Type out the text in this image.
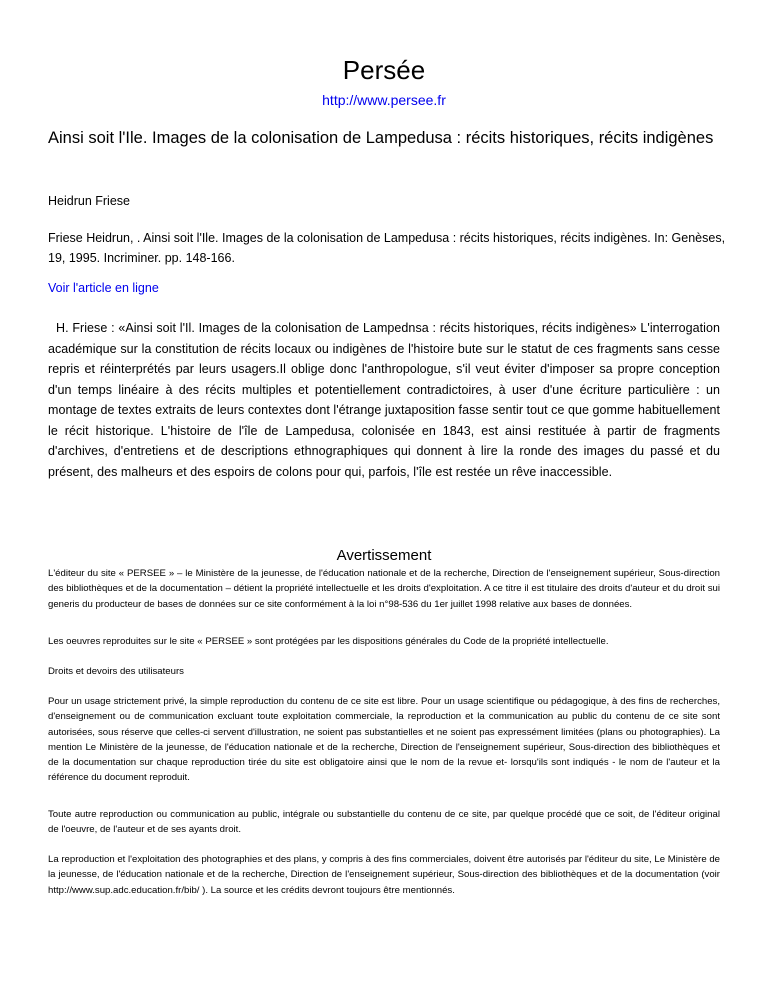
Persée
http://www.persee.fr
Ainsi soit l'Ile. Images de la colonisation de Lampedusa : récits historiques, récits indigènes
Heidrun Friese
Friese Heidrun, . Ainsi soit l'Ile. Images de la colonisation de Lampedusa : récits historiques, récits indigènes. In: Genèses, 19, 1995. Incriminer. pp. 148-166.
Voir l'article en ligne
H. Friese : «Ainsi soit l'Il. Images de la colonisation de Lampednsa : récits historiques, récits indigènes» L'interrogation académique sur la constitution de récits locaux ou indigènes de l'histoire bute sur le statut de ces fragments sans cesse repris et réinterprétés par leurs usagers.Il oblige donc l'anthropologue, s'il veut éviter d'imposer sa propre conception d'un temps linéaire à des récits multiples et potentiellement contradictoires, à user d'une écriture particulière : un montage de textes extraits de leurs contextes dont l'étrange juxtaposition fasse sentir tout ce que gomme habituellement le récit historique. L'histoire de l'île de Lampedusa, colonisée en 1843, est ainsi restituée à partir de fragments d'archives, d'entretiens et de descriptions ethnographiques qui donnent à lire la ronde des images du passé et du présent, des malheurs et des espoirs de colons pour qui, parfois, l'île est restée un rêve inaccessible.
Avertissement

L'éditeur du site « PERSEE » – le Ministère de la jeunesse, de l'éducation nationale et de la recherche, Direction de l'enseignement supérieur, Sous-direction des bibliothèques et de la documentation – détient la propriété intellectuelle et les droits d'exploitation. A ce titre il est titulaire des droits d'auteur et du droit sui generis du producteur de bases de données sur ce site conformément à la loi n°98-536 du 1er juillet 1998 relative aux bases de données.

Les oeuvres reproduites sur le site « PERSEE » sont protégées par les dispositions générales du Code de la propriété intellectuelle.

Droits et devoirs des utilisateurs

Pour un usage strictement privé, la simple reproduction du contenu de ce site est libre. Pour un usage scientifique ou pédagogique, à des fins de recherches, d'enseignement ou de communication excluant toute exploitation commerciale, la reproduction et la communication au public du contenu de ce site sont autorisées, sous réserve que celles-ci servent d'illustration, ne soient pas substantielles et ne soient pas expressément limitées (plans ou photographies). La mention Le Ministère de la jeunesse, de l'éducation nationale et de la recherche, Direction de l'enseignement supérieur, Sous-direction des bibliothèques et de la documentation sur chaque reproduction tirée du site est obligatoire ainsi que le nom de la revue et- lorsqu'ils sont indiqués - le nom de l'auteur et la référence du document reproduit.

Toute autre reproduction ou communication au public, intégrale ou substantielle du contenu de ce site, par quelque procédé que ce soit, de l'éditeur original de l'oeuvre, de l'auteur et de ses ayants droit.

La reproduction et l'exploitation des photographies et des plans, y compris à des fins commerciales, doivent être autorisés par l'éditeur du site, Le Ministère de la jeunesse, de l'éducation nationale et de la recherche, Direction de l'enseignement supérieur, Sous-direction des bibliothèques et de la documentation (voir http://www.sup.adc.education.fr/bib/ ). La source et les crédits devront toujours être mentionnés.
